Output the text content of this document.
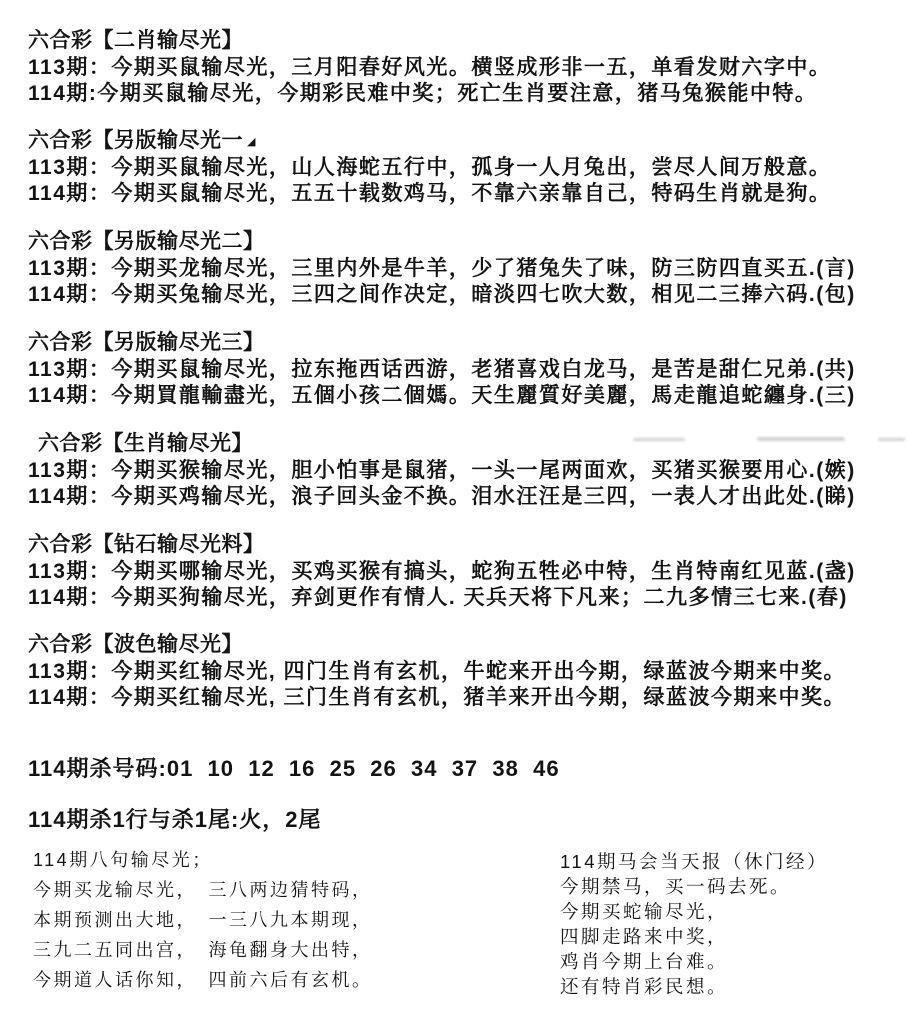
六合彩【二肖输尽光】
113期：今期买鼠输尽光，三月阳春好风光。横竖成形非一五，单看发财六字中。
114期:今期买鼠输尽光，今期彩民难中奖；死亡生肖要注意，猪马兔猴能中特。
六合彩【另版输尽光一 ◢
113期：今期买鼠输尽光，山人海蛇五行中，孤身一人月兔出，尝尽人间万般意。
114期：今期买鼠输尽光，五五十载数鸡马，不靠六亲靠自己，特码生肖就是狗。
六合彩【另版输尽光二】
113期：今期买龙输尽光，三里内外是牛羊，少了猪兔失了味，防三防四直买五.(言)
114期：今期买兔输尽光，三四之间作决定，暗淡四七吹大数，相见二三捧六码.(包)
六合彩【另版输尽光三】
113期：今期买鼠输尽光，拉东拖西话西游，老猪喜戏白龙马，是苦是甜仁兄弟.(共)
114期：今期買龍輸盡光，五個小孩二個媽。天生麗質好美麗，馬走龍追蛇纏身.(三)
六合彩【生肖输尽光】
113期：今期买猴输尽光，胆小怕事是鼠猪，一头一尾两面欢，买猪买猴要用心.(嫉)
114期：今期买鸡输尽光，浪子回头金不换。泪水汪汪是三四，一表人才出此处.(睇)
六合彩【钻石输尽光料】
113期：今期买哪输尽光，买鸡买猴有搞头，蛇狗五牲必中特，生肖特南红见蓝.(盏)
114期：今期买狗输尽光，弃剑更作有情人. 天兵天将下凡来；二九多情三七来.(春)
六合彩【波色输尽光】
113期：今期买红输尽光, 四门生肖有玄机，牛蛇来开出今期，绿蓝波今期来中奖。
114期：今期买红输尽光, 三门生肖有玄机，猪羊来开出今期，绿蓝波今期来中奖。
114期杀号码:01  10  12  16  25  26  34  37  38  46
114期杀1行与杀1尾:火，2尾
114期八句输尽光；
今期买龙输尽光，　三八两边猜特码，
本期预测出大地，　一三八九本期现，
三九二五同出宫，　海龟翻身大出特，
今期道人话你知，　四前六后有玄机。
114期马会当天报（休门经）
今期禁马，买一码去死。
今期买蛇输尽光，
四脚走路来中奖，
鸡肖今期上台难。
还有特肖彩民想。
